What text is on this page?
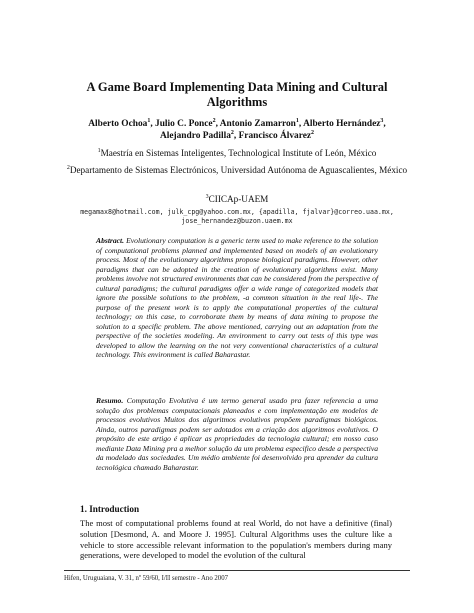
A Game Board Implementing Data Mining and Cultural Algorithms
Alberto Ochoa$^1$, Julio C. Ponce$^2$, Antonio Zamarron$^1$, Alberto Hernández$^3$,
Alejandro Padilla$^2$, Francisco Álvarez$^2$
$^1$Maestría en Sistemas Inteligentes, Technological Institute of León, México
$^2$Departamento de Sistemas Electrónicos, Universidad Autónoma de Aguascalientes, México
$^3$CIICAp-UAEM
megamax8@hotmail.com, julk_cpg@yahoo.com.mx, {apadilla, fjalvar}@correo.uaa.mx, jose_hernandez@buzon.uaem.mx
Abstract. Evolutionary computation is a generic term used to make reference to the solution of computational problems planned and implemented based on models of an evolutionary process. Most of the evolutionary algorithms propose biological paradigms. However, other paradigms that can be adopted in the creation of evolutionary algorithms exist. Many problems involve not structured environments that can be considered from the perspective of cultural paradigms; the cultural paradigms offer a wide range of categorized models that ignore the possible solutions to the problem, -a common situation in the real life-. The purpose of the present work is to apply the computational properties of the cultural technology; on this case, to corroborate them by means of data mining to propose the solution to a specific problem. The above mentioned, carrying out an adaptation from the perspective of the societies modeling. An environment to carry out tests of this type was developed to allow the learning on the not very conventional characteristics of a cultural technology. This environment is called Baharastar.
Resumo. Computação Evolutiva é um termo general usado pra fazer referencia a uma solução dos problemas computacionais planeados e com implementação em modelos de processos evolutivos Muitos dos algoritmos evolutivos propõem paradigmas biológicos. Ainda, outros paradigmas podem ser adotados em a criação dos algoritmos evolutivos. O propósito de este artigo é aplicar as propriedades da tecnologia cultural; em nosso caso mediante Data Mining pra a melhor solução da um problema especifico desde a perspectiva da modelado das sociedades. Um médio ambiente foi desenvolvido pra aprender da cultura tecnológica chamado Baharastar.
1. Introduction
The most of computational problems found at real World, do not have a definitive (final) solution [Desmond, A. and Moore J. 1995]. Cultural Algorithms uses the culture like a vehicle to store accessible relevant information to the population's members during many generations, were developed to model the evolution of the cultural
Hifen, Uruguaiana, V. 31, nº 59/60, I/II semestre - Ano 2007
